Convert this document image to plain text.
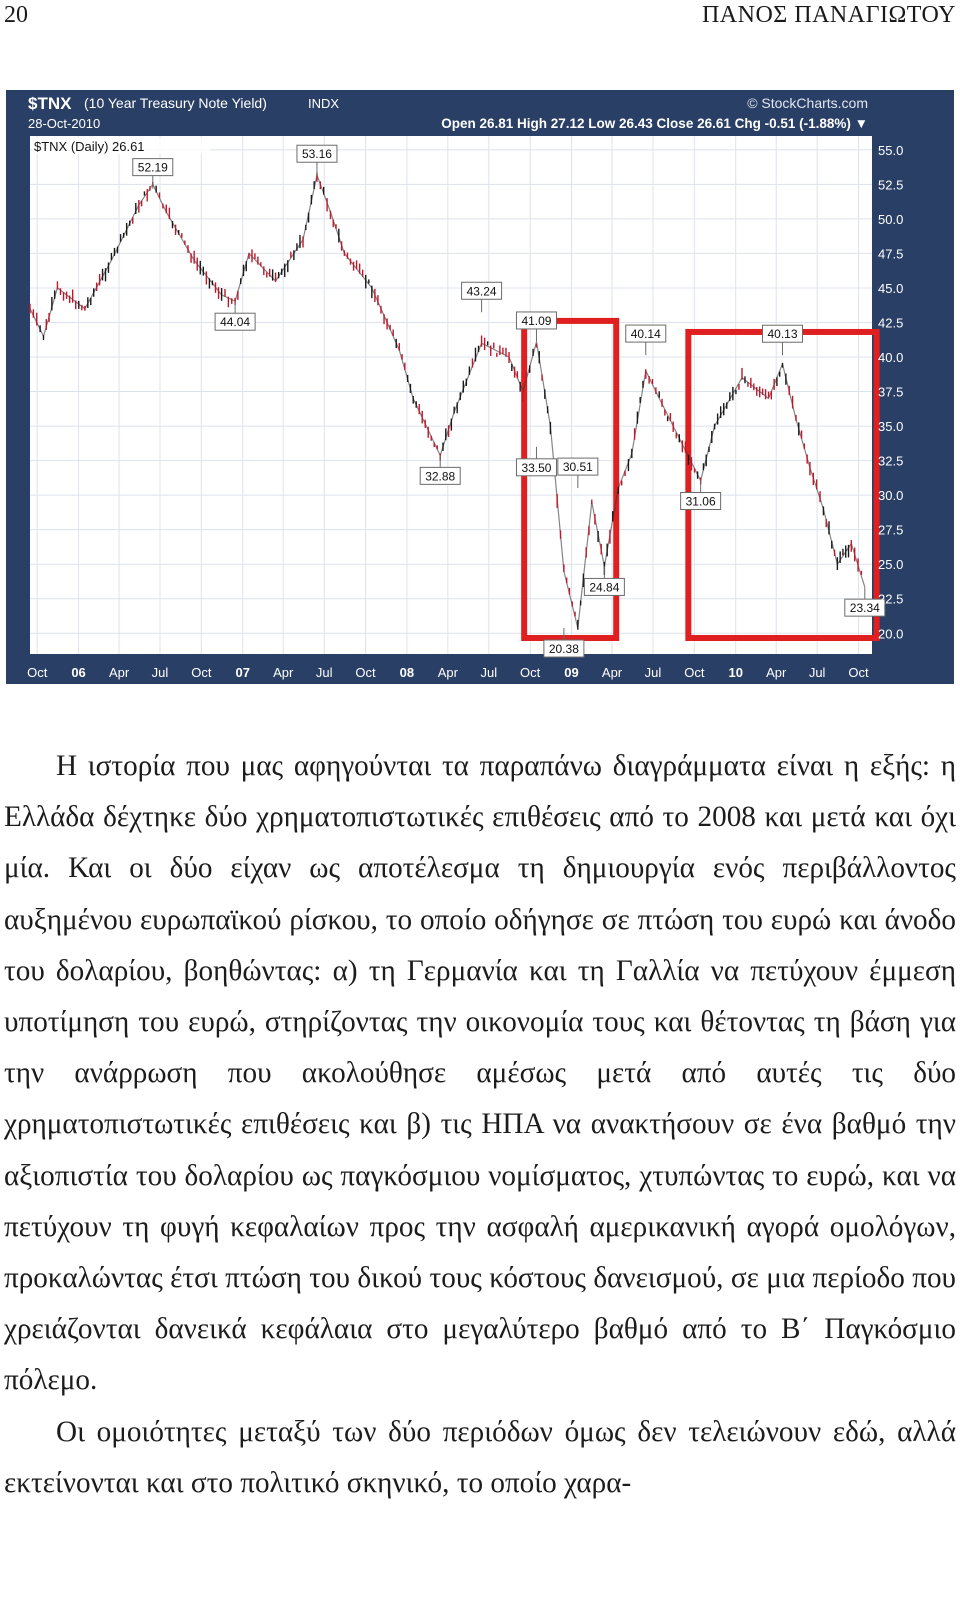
20	ΠΑΝΟΣ ΠΑΝΑΓΙΩΤΟΥ
52.19
44.04
53.16
43.24
32.88
41.09
33.50 30.51
24.84
20.38
40.14
31.06
40.13
23.34
20.0
22.5
25.0
27.5
30.0
32.5
35.0
37.5
40.0
42.5
45.0
47.5
50.0
52.5
55.0
Oct 06 Apr Jul Oct 07 Apr Jul Oct 08 Apr Jul Oct 09 Apr Jul Oct 10 Apr Jul Oct
$TNX (10 Year Treasury Note Yield)	INDX	© StockCharts.com
28-Oct-2010	Open 26.81 High 27.12 Low 26.43 Close 26.61 Chg -0.51 (-1.88%) ▼
$TNX (Daily) 26.61

Η ιστορία που μας αφηγούνται τα παραπάνω διαγράμματα είναι η εξής: η Ελλάδα δέχτηκε δύο χρηματοπιστωτικές επιθέσεις από το 2008 και μετά και όχι μία. Και οι δύο είχαν ως αποτέλεσμα τη δημιουργία ενός περιβάλλοντος αυξημένου ευρωπαϊκού ρίσκου, το οποίο οδήγησε σε πτώση του ευρώ και άνοδο του δολαρίου, βοηθώντας: α) τη Γερμανία και τη Γαλλία να πετύχουν έμμεση υποτίμηση του ευρώ, στηρίζοντας την οικονομία τους και θέτοντας τη βάση για την ανάρρωση που ακολούθησε αμέσως μετά από αυτές τις δύο χρηματοπιστωτικές επιθέσεις και β) τις ΗΠΑ να ανακτήσουν σε ένα βαθμό την αξιοπιστία του δολαρίου ως παγκόσμιου νομίσματος, χτυπώντας το ευρώ, και να πετύχουν τη φυγή κεφαλαίων προς την ασφαλή αμερικανική αγορά ομολόγων, προκαλώντας έτσι πτώση του δικού τους κόστους δανεισμού, σε μια περίοδο που χρειάζονται δανεικά κεφάλαια στο μεγαλύτερο βαθμό από το Β΄ Παγκόσμιο πόλεμο.

Οι ομοιότητες μεταξύ των δύο περιόδων όμως δεν τελειώνουν εδώ, αλλά εκτείνονται και στο πολιτικό σκηνικό, το οποίο χαρα-
